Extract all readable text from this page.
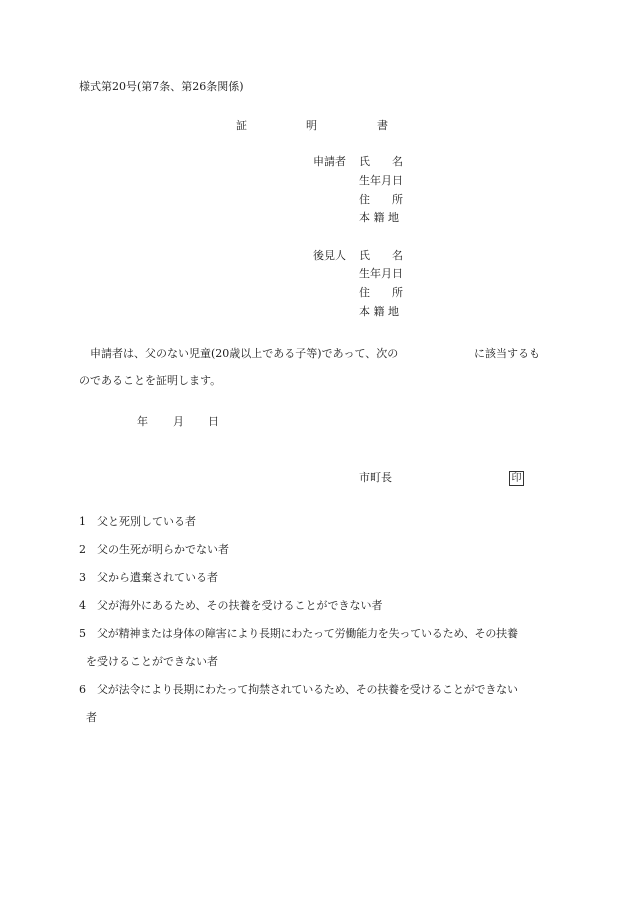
様式第20号(第7条、第26条関係)
証	明	書
申請者 氏　　名
生年月日
住　　所
本 籍 地
後見人 氏　　名
生年月日
住　　所
本 籍 地
申請者は、父のない児童(20歳以上である子等)であって、次の	に該当するも
のであることを証明します。
年 月 日
市町長	印
1 父と死別している者
2 父の生死が明らかでない者
3 父から遺棄されている者
4 父が海外にあるため、その扶養を受けることができない者
5 父が精神または身体の障害により長期にわたって労働能力を失っているため、その扶養
を受けることができない者
6 父が法令により長期にわたって拘禁されているため、その扶養を受けることができない
者
